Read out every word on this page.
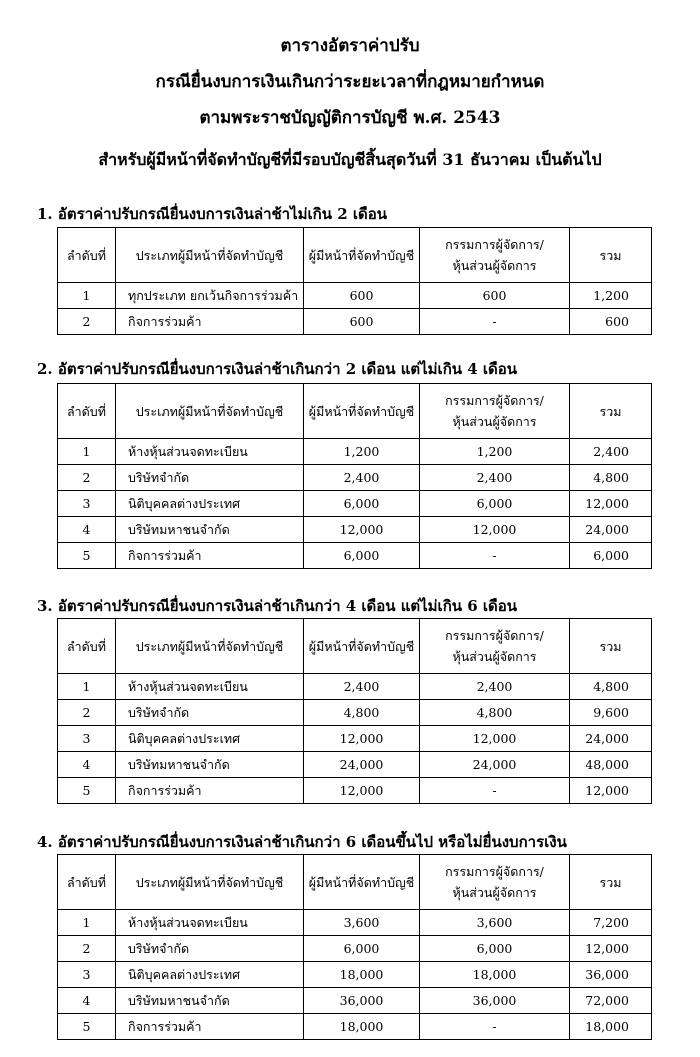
ตารางอัตราค่าปรับ
กรณียื่นงบการเงินเกินกว่าระยะเวลาที่กฎหมายกำหนด
ตามพระราชบัญญัติการบัญชี พ.ศ. 2543
สำหรับผู้มีหน้าที่จัดทำบัญชีที่มีรอบบัญชีสิ้นสุดวันที่ 31 ธันวาคม เป็นต้นไป
1. อัตราค่าปรับกรณียื่นงบการเงินล่าช้าไม่เกิน 2 เดือน
ลำดับที่	ประเภทผู้มีหน้าที่จัดทำบัญชี	ผู้มีหน้าที่จัดทำบัญชี	กรรมการผู้จัดการ/
หุ้นส่วนผู้จัดการ	รวม
1	ทุกประเภท ยกเว้นกิจการร่วมค้า	600	600	1,200
2	กิจการร่วมค้า	600	-	600
2. อัตราค่าปรับกรณียื่นงบการเงินล่าช้าเกินกว่า 2 เดือน แต่ไม่เกิน 4 เดือน
ลำดับที่	ประเภทผู้มีหน้าที่จัดทำบัญชี	ผู้มีหน้าที่จัดทำบัญชี	กรรมการผู้จัดการ/
หุ้นส่วนผู้จัดการ	รวม
1	ห้างหุ้นส่วนจดทะเบียน	1,200	1,200	2,400
2	บริษัทจำกัด	2,400	2,400	4,800
3	นิติบุคคลต่างประเทศ	6,000	6,000	12,000
4	บริษัทมหาชนจำกัด	12,000	12,000	24,000
5	กิจการร่วมค้า	6,000	-	6,000
3. อัตราค่าปรับกรณียื่นงบการเงินล่าช้าเกินกว่า 4 เดือน แต่ไม่เกิน 6 เดือน
ลำดับที่	ประเภทผู้มีหน้าที่จัดทำบัญชี	ผู้มีหน้าที่จัดทำบัญชี	กรรมการผู้จัดการ/
หุ้นส่วนผู้จัดการ	รวม
1	ห้างหุ้นส่วนจดทะเบียน	2,400	2,400	4,800
2	บริษัทจำกัด	4,800	4,800	9,600
3	นิติบุคคลต่างประเทศ	12,000	12,000	24,000
4	บริษัทมหาชนจำกัด	24,000	24,000	48,000
5	กิจการร่วมค้า	12,000	-	12,000
4. อัตราค่าปรับกรณียื่นงบการเงินล่าช้าเกินกว่า 6 เดือนขึ้นไป หรือไม่ยื่นงบการเงิน
ลำดับที่	ประเภทผู้มีหน้าที่จัดทำบัญชี	ผู้มีหน้าที่จัดทำบัญชี	กรรมการผู้จัดการ/
หุ้นส่วนผู้จัดการ	รวม
1	ห้างหุ้นส่วนจดทะเบียน	3,600	3,600	7,200
2	บริษัทจำกัด	6,000	6,000	12,000
3	นิติบุคคลต่างประเทศ	18,000	18,000	36,000
4	บริษัทมหาชนจำกัด	36,000	36,000	72,000
5	กิจการร่วมค้า	18,000	-	18,000
